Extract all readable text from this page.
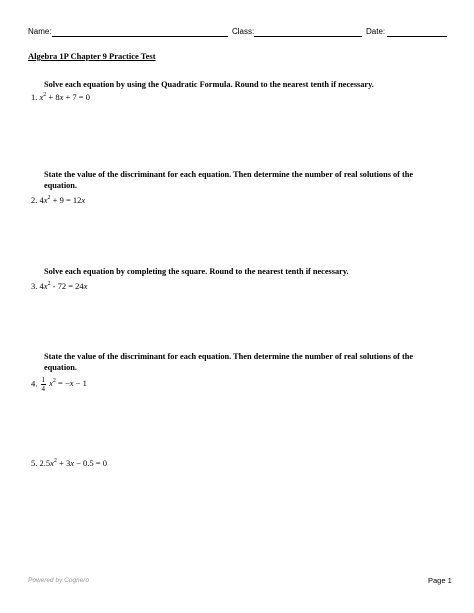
Name:	Class:	Date:
Algebra 1P Chapter 9 Practice Test
Solve each equation by using the Quadratic Formula. Round to the nearest tenth if necessary.
1. $x^2 + 8x + 7 = 0$
State the value of the discriminant for each equation. Then determine the number of real solutions of the equation.
2. $4x^2 + 9 = 12x$
Solve each equation by completing the square. Round to the nearest tenth if necessary.
3. $4x^2 - 72 = 24x$
State the value of the discriminant for each equation. Then determine the number of real solutions of the equation.
4. $\frac{1}{4} x^2 = -x - 1$
5. $2.5x^2 + 3x - 0.5 = 0$
Powered by Cognero	Page 1
